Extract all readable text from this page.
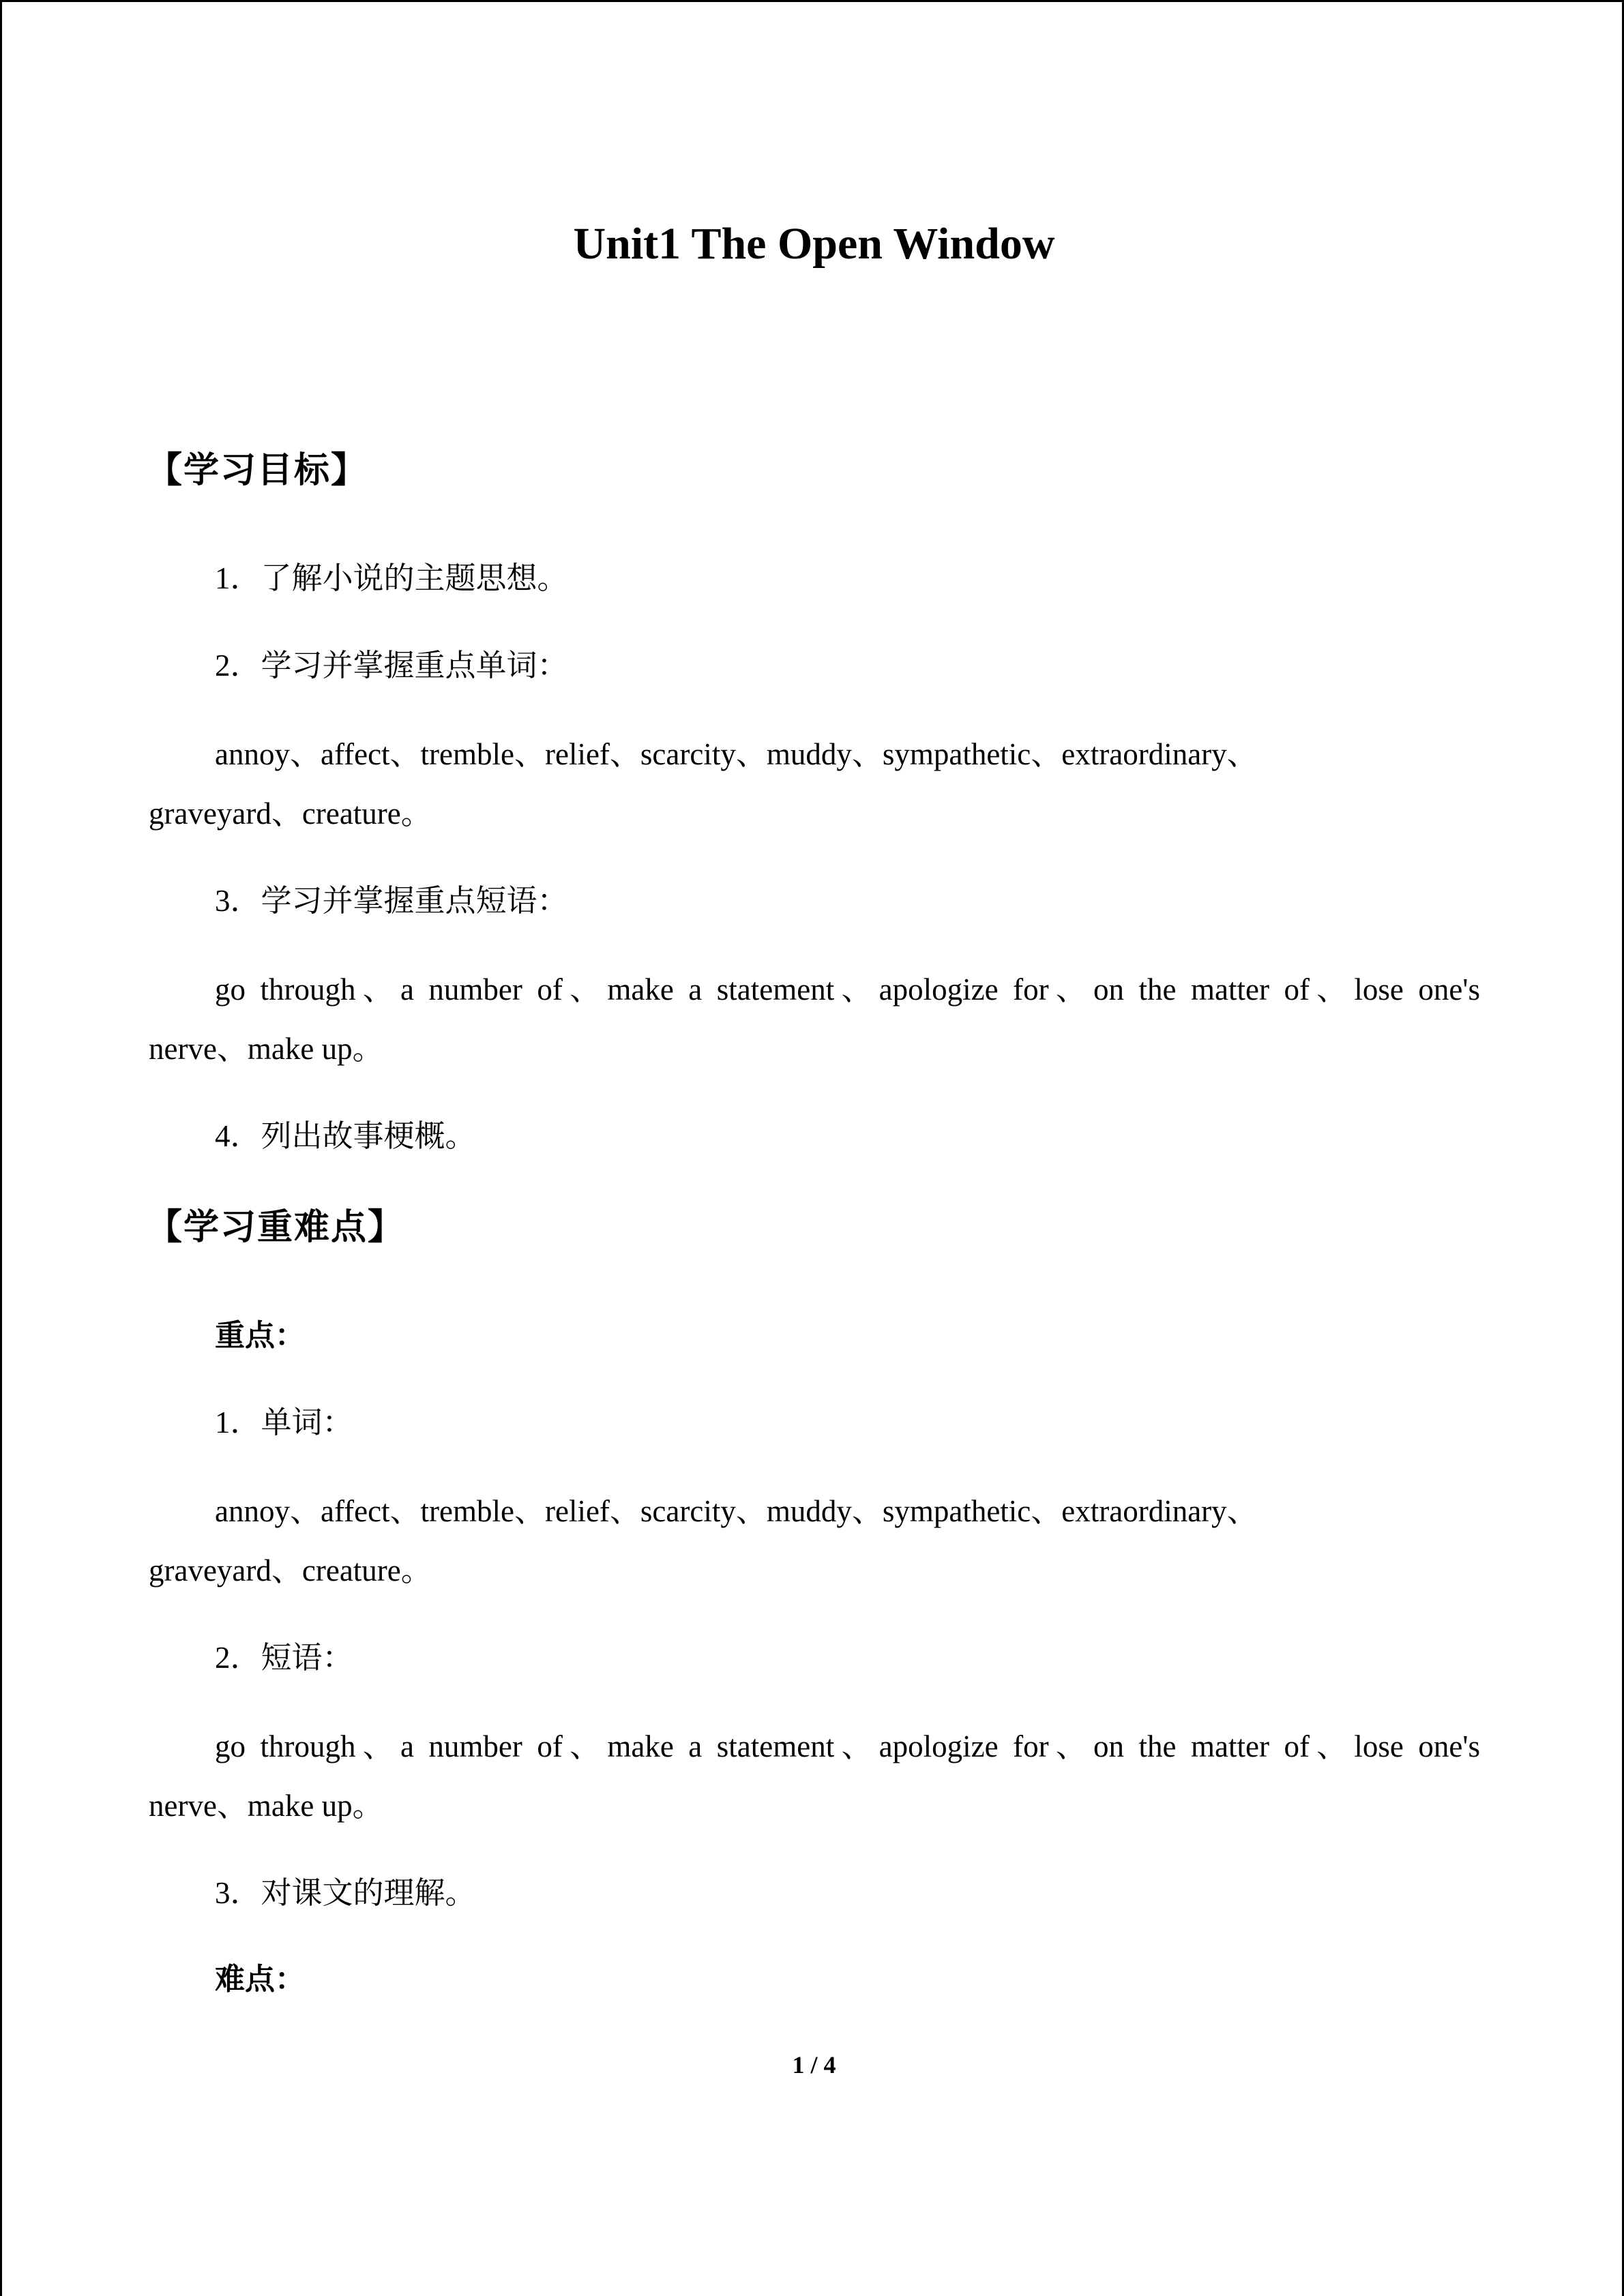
Unit1 The Open Window
【学习目标】
1．了解小说的主题思想。
2．学习并掌握重点单词：
annoy、affect、tremble、relief、scarcity、muddy、sympathetic、extraordinary、
graveyard、creature。
3．学习并掌握重点短语：
go through、a number of、make a statement、apologize for、on the matter of、lose one's
nerve、make up。
4．列出故事梗概。
【学习重难点】
重点：
1．单词：
annoy、affect、tremble、relief、scarcity、muddy、sympathetic、extraordinary、
graveyard、creature。
2．短语：
go through、a number of、make a statement、apologize for、on the matter of、lose one's
nerve、make up。
3．对课文的理解。
难点：
1 / 4
